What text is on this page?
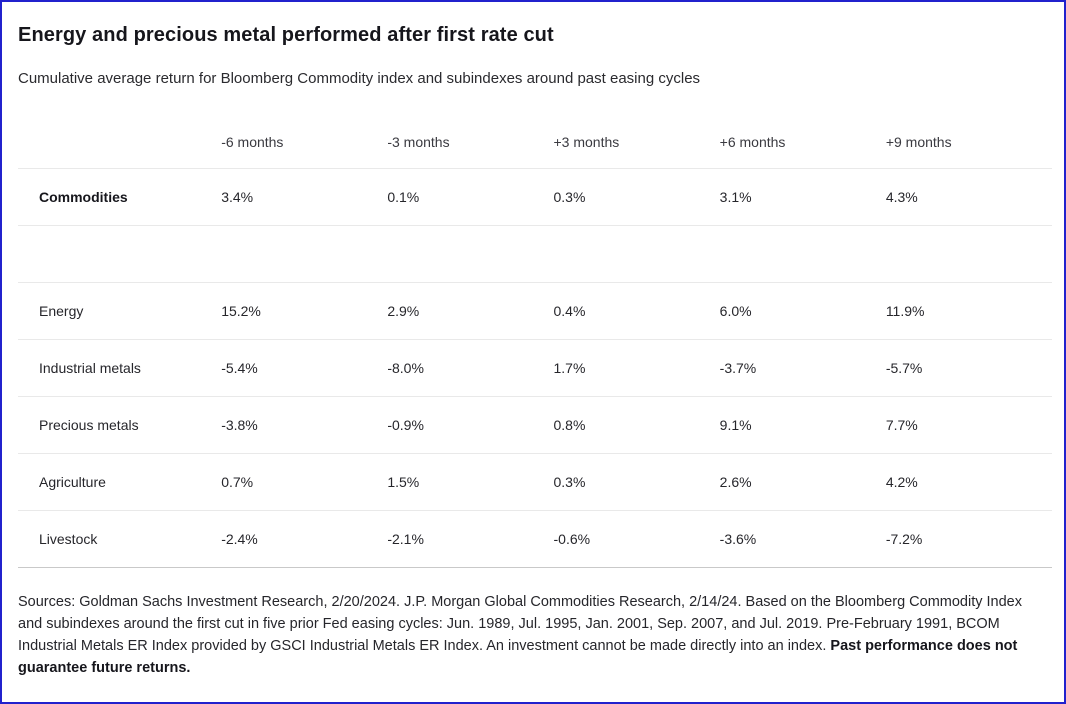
Energy and precious metal performed after first rate cut

Cumulative average return for Bloomberg Commodity index and subindexes around past easing cycles

	-6 months	-3 months	+3 months	+6 months	+9 months
Commodities	3.4%	0.1%	0.3%	3.1%	4.3%

Energy	15.2%	2.9%	0.4%	6.0%	11.9%
Industrial metals	-5.4%	-8.0%	1.7%	-3.7%	-5.7%
Precious metals	-3.8%	-0.9%	0.8%	9.1%	7.7%
Agriculture	0.7%	1.5%	0.3%	2.6%	4.2%
Livestock	-2.4%	-2.1%	-0.6%	-3.6%	-7.2%

Sources: Goldman Sachs Investment Research, 2/20/2024. J.P. Morgan Global Commodities Research, 2/14/24. Based on the Bloomberg Commodity Index and subindexes around the first cut in five prior Fed easing cycles: Jun. 1989, Jul. 1995, Jan. 2001, Sep. 2007, and Jul. 2019. Pre-February 1991, BCOM Industrial Metals ER Index provided by GSCI Industrial Metals ER Index. An investment cannot be made directly into an index. Past performance does not guarantee future returns.
